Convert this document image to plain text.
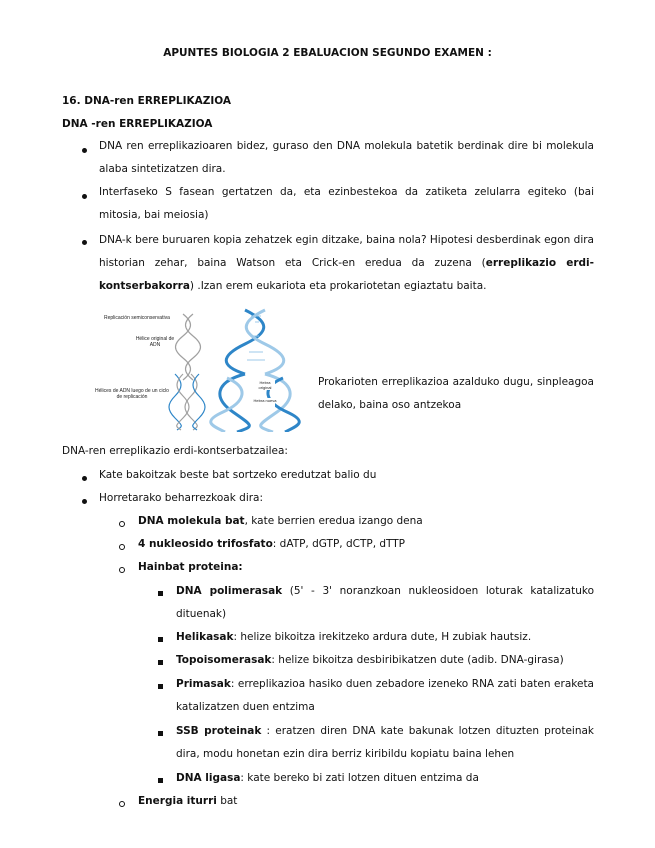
APUNTES BIOLOGIA 2 EBALUACION SEGUNDO EXAMEN :
16. DNA-ren ERREPLIKAZIOA
DNA -ren ERREPLIKAZIOA
DNA ren erreplikazioaren bidez, guraso den DNA molekula batetik berdinak dire bi molekula alaba sintetizatzen dira.
Interfaseko S fasean gertatzen da, eta ezinbestekoa da zatiketa zelularra egiteko (bai mitosia, bai meiosia)
DNA-k bere buruaren kopia zehatzek egin ditzake, baina nola? Hipotesi desberdinak egon dira historian zehar, baina Watson eta Crick-en eredua da zuzena (erreplikazio erdi-kontserbakorra) .Izan erem eukariota eta prokariotetan egiaztatu baita.
Replicación semiconservativa
Hélice original de ADN
Hélices de ADN luego de un ciclo de replicación
Hebra original
Hebra nueva
Prokarioten erreplikazioa azalduko dugu, sinpleagoa delako, baina oso antzekoa
DNA-ren erreplikazio erdi-kontserbatzailea:
Kate bakoitzak beste bat sortzeko eredutzat balio du
Horretarako beharrezkoak dira:
DNA molekula bat, kate berrien eredua izango dena
4 nukleosido trifosfato: dATP, dGTP, dCTP, dTTP
Hainbat proteina:
DNA polimerasak (5' - 3' noranzkoan nukleosidoen loturak katalizatuko dituenak)
Helikasak: helize bikoitza irekitzeko ardura dute, H zubiak hautsiz.
Topoisomerasak: helize bikoitza desbiribikatzen dute (adib. DNA-girasa)
Primasak: erreplikazioa hasiko duen zebadore izeneko RNA zati baten eraketa katalizatzen duen entzima
SSB proteinak : eratzen diren DNA kate bakunak lotzen dituzten proteinak dira, modu honetan ezin dira berriz kiribildu kopiatu baina lehen
DNA ligasa: kate bereko bi zati lotzen dituen entzima da
Energia iturri bat
